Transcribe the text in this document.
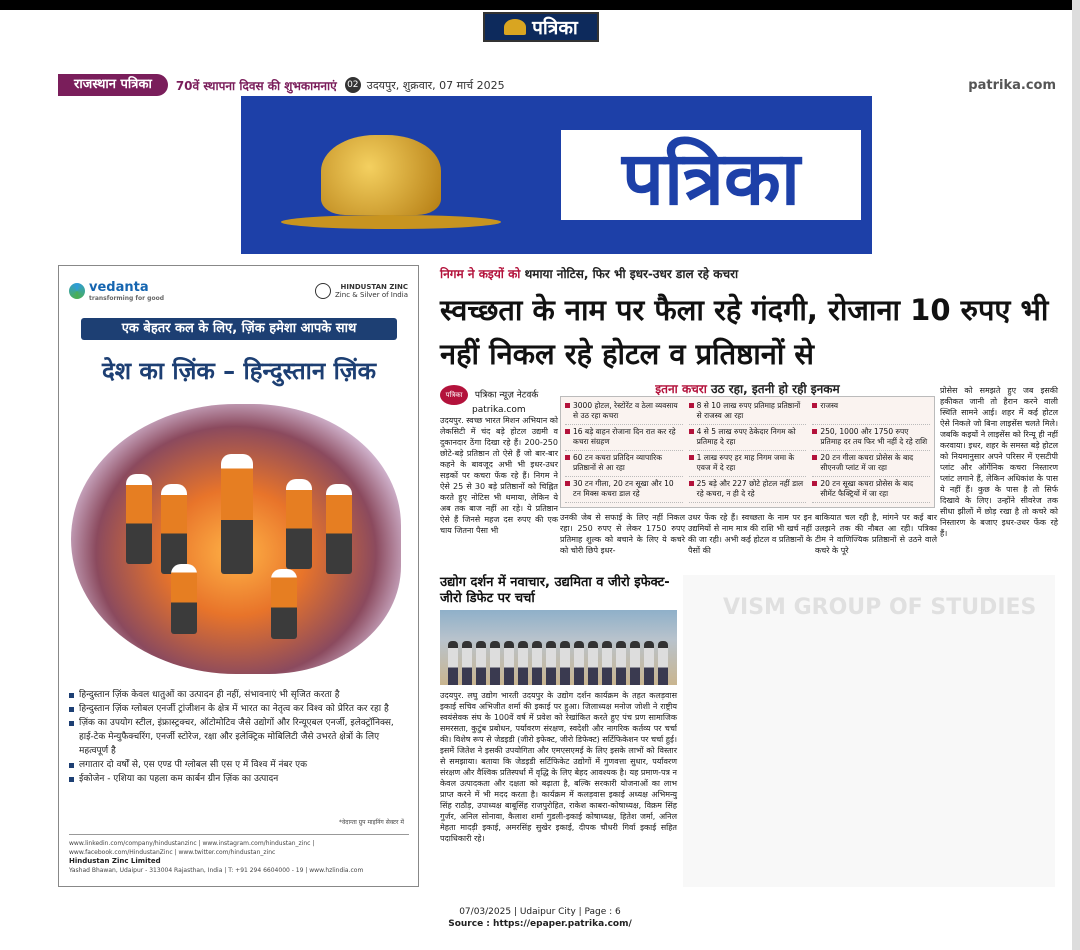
पत्रिका
राजस्थान पत्रिका	70वें स्थापना दिवस की शुभकामनाएं 02 उदयपुर, शुक्रवार, 07 मार्च 2025	patrika.com
पत्रिका
vedanta
transforming for good
HINDUSTAN ZINC
Zinc & Silver of India
एक बेहतर कल के लिए, ज़िंक हमेशा आपके साथ
देश का ज़िंक – हिन्दुस्तान ज़िंक
हिन्दुस्तान ज़िंक केवल धातुओं का उत्पादन ही नहीं, संभावनाएं भी सृजित करता है
हिन्दुस्तान ज़िंक ग्लोबल एनर्जी ट्रांजीशन के क्षेत्र में भारत का नेतृत्व कर विश्व को प्रेरित कर रहा है
ज़िंक का उपयोग स्टील, इंफ्रास्ट्रक्चर, ऑटोमोटिव जैसे उद्योगों और रिन्यूएबल एनर्जी, इलेक्ट्रॉनिक्स, हाई-टेक मेन्युफैक्चरिंग, एनर्जी स्टोरेज, रक्षा और इलेक्ट्रिक मोबिलिटी जैसे उभरते क्षेत्रों के लिए महत्वपूर्ण है
लगातार दो वर्षों से, एस एण्ड पी ग्लोबल सी एस ए में विश्व में नंबर एक
ईकोजेन - एशिया का पहला कम कार्बन ग्रीन ज़िंक का उत्पादन
*वेदान्ता ग्रुप माइनिंग सेक्टर में
www.linkedin.com/company/hindustanzinc | www.instagram.com/hindustan_zinc | www.facebook.com/HindustanZinc | www.twitter.com/hindustan_zinc
Hindustan Zinc Limited
Yashad Bhawan, Udaipur - 313004 Rajasthan, India | T: +91 294 6604000 - 19 | www.hzlindia.com
निगम ने कइयों को थमाया नोटिस, फिर भी इधर-उधर डाल रहे कचरा
स्वच्छता के नाम पर फैला रहे गंदगी, रोजाना 10 रुपए भी नहीं निकल रहे होटल व प्रतिष्ठानों से
पत्रिका पत्रिका न्यूज़ नेटवर्क
patrika.com
इतना कचरा उठ रहा, इतनी हो रही इनकम
3000 होटल, रेस्टोरेंट व ठेला व्यवसाय से उठ रहा कचरा
8 से 10 लाख रुपए प्रतिमाह प्रतिष्ठानों से राजस्व आ रहा
राजस्व
16 बड़े वाहन रोजाना दिन रात कर रहे कचरा संग्रहण
4 से 5 लाख रुपए ठेकेदार निगम को प्रतिमाह दे रहा
250, 1000 और 1750 रुपए प्रतिमाह दर तय फिर भी नहीं दे रहे राशि
60 टन कचरा प्रतिदिन व्यापारिक प्रतिष्ठानों से आ रहा
1 लाख रुपए हर माह निगम जमा के एवज में दे रहा
20 टन गीला कचरा प्रोसेस के बाद सीएनजी प्लांट में जा रहा
30 टन गीला, 20 टन सूखा और 10 टन मिक्स कचरा डाल रहे
25 बड़े और 227 छोटे होटल नहीं डाल रहे कचरा, न ही दे रहे
20 टन सूखा कचरा प्रोसेस के बाद सीमेंट फैक्ट्रियों में जा रहा
उदयपुर. स्वच्छ भारत मिशन अभियान को लेकसिटी में चंद बड़े होटल उद्यमी व दुकानदार ठेंगा दिखा रहे हैं। 200-250 छोटे-बड़े प्रतिष्ठान तो ऐसे हैं जो बार-बार कहने के बावजूद अभी भी इधर-उधर सड़कों पर कचरा फेंक रहे हैं। निगम ने ऐसे 25 से 30 बड़े प्रतिष्ठानों को चिह्नित करते हुए नोटिस भी थमाया, लेकिन ये अब तक बाज नहीं आ रहे। ये प्रतिष्ठान ऐसे हैं जिनसे महज दस रुपए की एक चाय जितना पैसा भी
उनकी जेब से सफाई के लिए नहीं निकल रहा। 250 रुपए से लेकर 1750 रुपए प्रतिमाह शुल्क को बचाने के लिए ये कचरे को चोरी छिपे इधर-
उधर फेंक रहे हैं। स्वच्छता के नाम पर इन उद्यमियों से नाम मात्र की राशि भी खर्च नहीं की जा रही। अभी कई होटल व प्रतिष्ठानों के पैसों की
बाकियात चल रही है, मांगने पर कई बार उलझने तक की नौबत आ रही। पत्रिका टीम ने वाणिज्यिक प्रतिष्ठानों से उठने वाले कचरे के पूरे
प्रोसेस को समझते हुए जब इसकी हकीकत जानी तो हैरान करने वाली स्थिति सामने आई। शहर में कई होटल ऐसे निकले जो बिना लाइसेंस चलते मिले। जबकि कइयों ने लाइसेंस को रिन्यू ही नहीं करवाया। इधर, शहर के समस्त बड़े होटल को नियमानुसार अपने परिसर में एसटीपी प्लांट और ऑर्गेनिक कचरा निस्तारण प्लांट लगाने हैं, लेकिन अधिकांश के पास ये नहीं हैं। कुछ के पास है तो सिर्फ दिखावे के लिए। उन्होंने सीवरेज तक सीधा झीलों में छोड़ रखा है तो कचरे को निस्तारण के बजाए इधर-उधर फेंक रहे हैं।
उद्योग दर्शन में नवाचार, उद्यमिता व जीरो इफेक्ट-जीरो डिफेट पर चर्चा
उदयपुर. लघु उद्योग भारती उदयपुर के उद्योग दर्शन कार्यक्रम के तहत कलड़वास इकाई सचिव अभिजीत शर्मा की इकाई पर हुआ। जिलाध्यक्ष मनोज जोशी ने राष्ट्रीय स्वयंसेवक संघ के 100वें वर्ष में प्रवेश को रेखांकित करते हुए पंच प्रण सामाजिक समरसता, कुटुंब प्रबोधन, पर्यावरण संरक्षण, स्वदेशी और नागरिक कर्तव्य पर चर्चा की। विशेष रूप से जेडइडी (जीरो इफेक्ट, जीरो डिफेक्ट) सर्टिफिकेशन पर चर्चा हुई। इसमें जितेश ने इसकी उपयोगिता और एमएसएमई के लिए इसके लाभों को विस्तार से समझाया। बताया कि जेडइडी सर्टिफिकेट उद्योगों में गुणवत्ता सुधार, पर्यावरण संरक्षण और वैश्विक प्रतिस्पर्धा में वृद्धि के लिए बेहद आवश्यक है। यह प्रमाण-पत्र न केवल उत्पादकता और दक्षता को बढ़ाता है, बल्कि सरकारी योजनाओं का लाभ प्राप्त करने में भी मदद करता है। कार्यक्रम में कलड़वास इकाई अध्यक्ष अभिमन्यु सिंह राठौड़, उपाध्यक्ष बाबूसिंह राजपुरोहित, राकेश काबरा-कोषाध्यक्ष, विक्रम सिंह गुर्जर, अनिल सोनावा, कैलाश शर्मा गुडली-इकाई कोषाध्यक्ष, हितेश जर्मा, अनिल मेहता मादड़ी इकाई, अमरसिंह सुखेर इकाई, दीपक चौधरी गिर्वा इकाई सहित पदाधिकारी रहे।
VISM GROUP OF STUDIES
07/03/2025 | Udaipur City | Page : 6
Source : https://epaper.patrika.com/
